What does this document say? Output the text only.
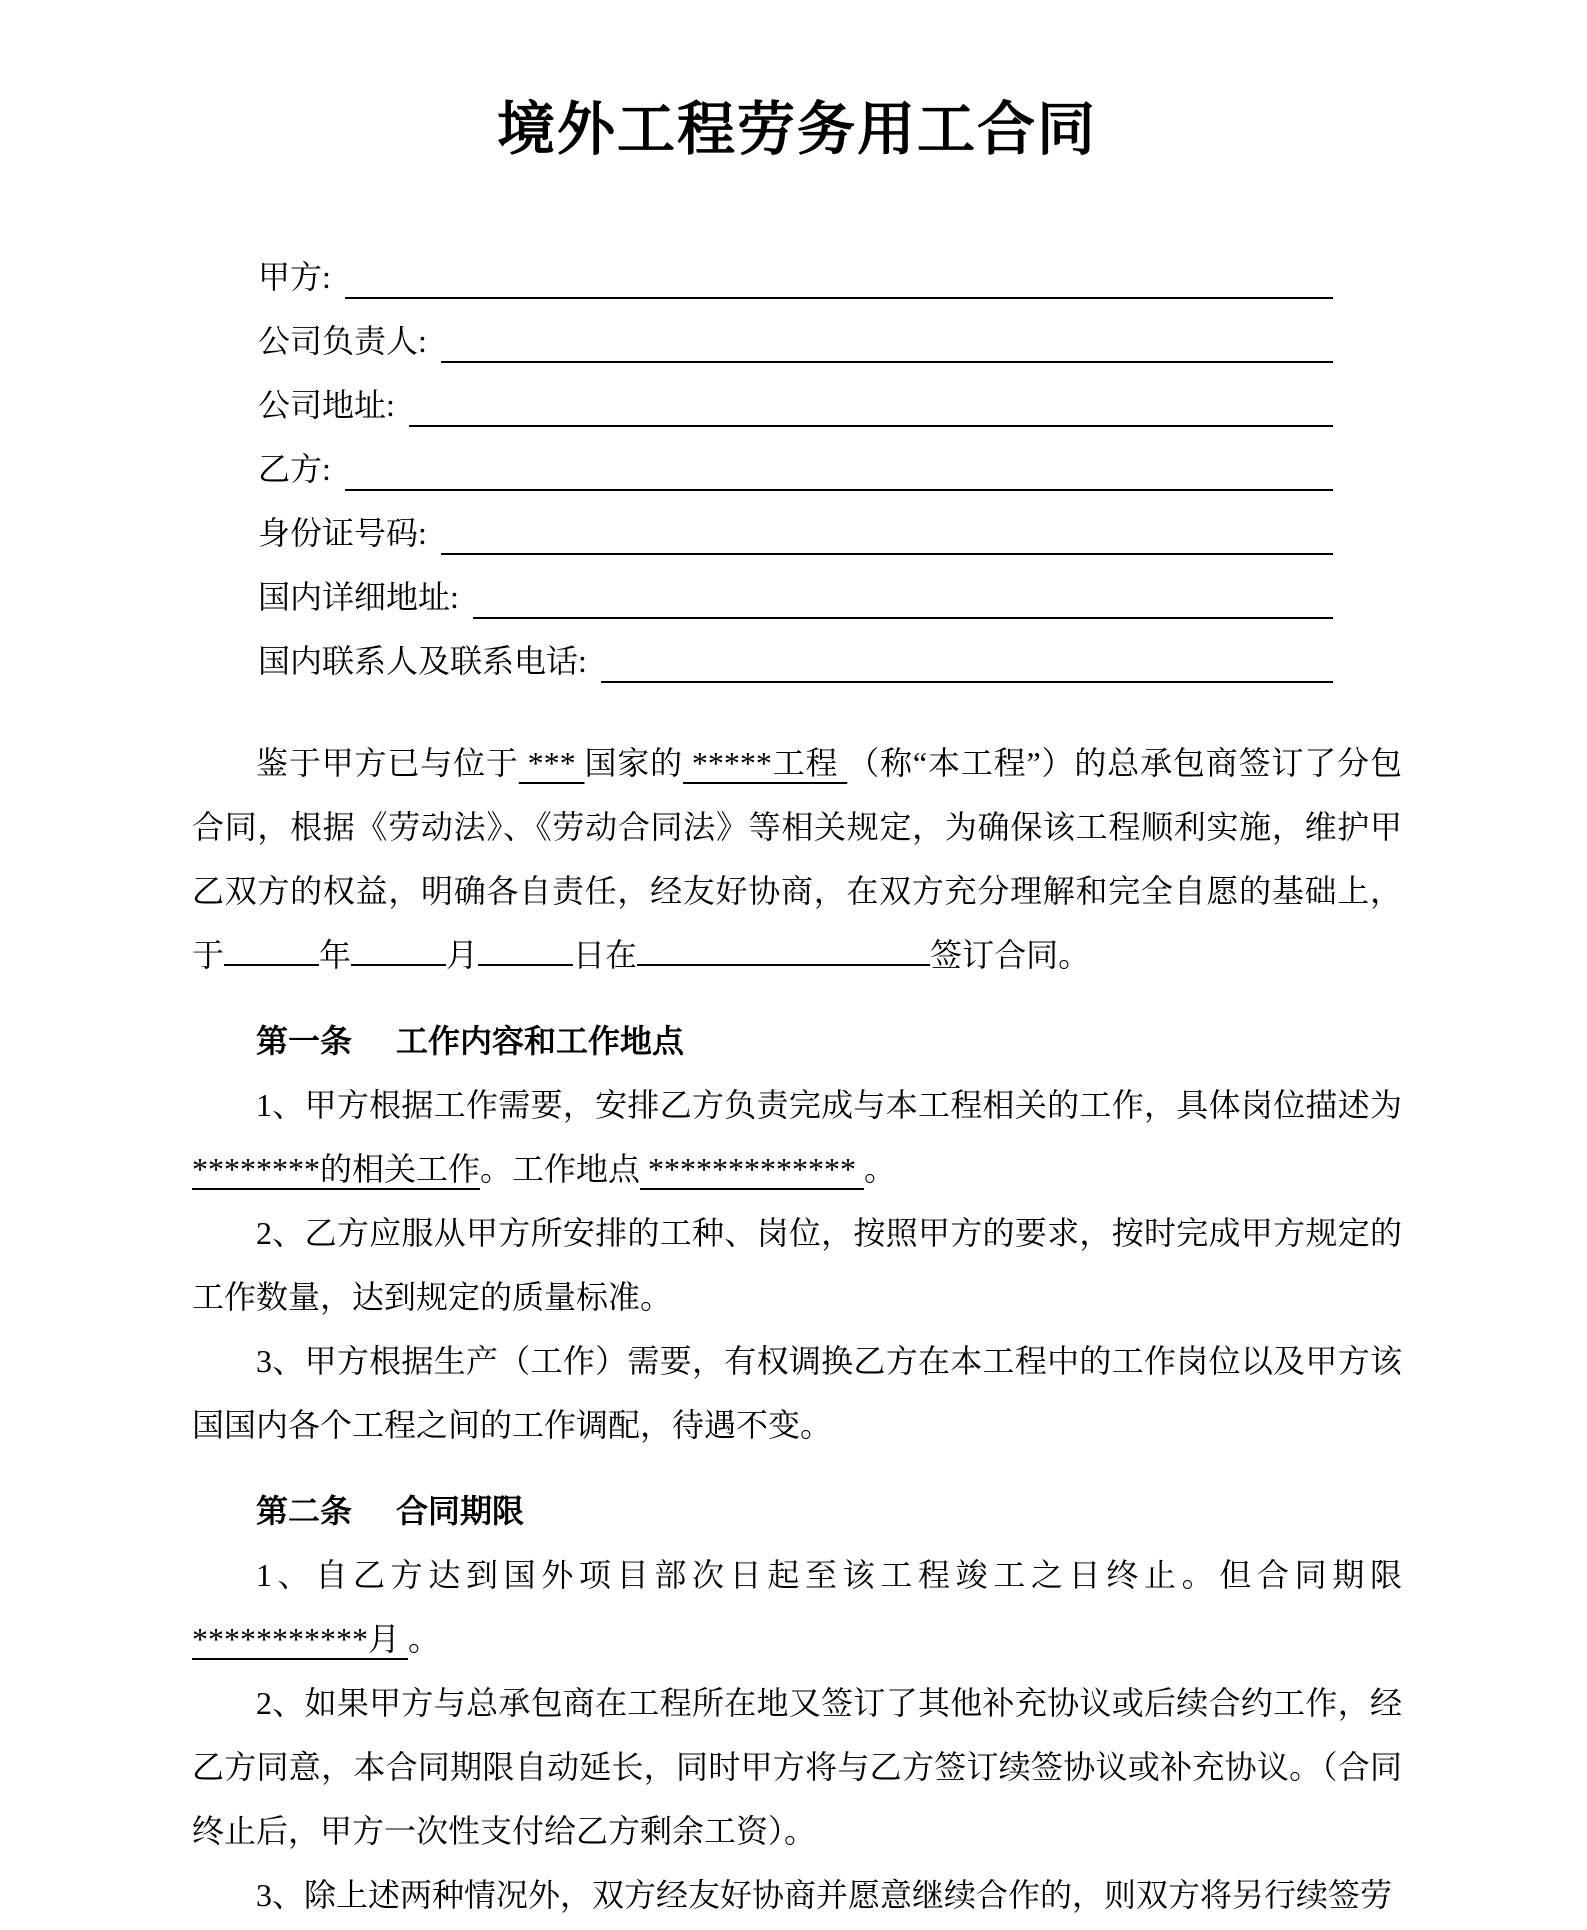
境外工程劳务用工合同
甲方:
公司负责人:
公司地址:
乙方:
身份证号码:
国内详细地址:
国内联系人及联系电话:

鉴于甲方已与位于 *** 国家的 *****工程 （称“本工程”）的总承包商签订了分包合同，根据《劳动法》、《劳动合同法》等相关规定，为确保该工程顺利实施，维护甲乙双方的权益，明确各自责任，经友好协商，在双方充分理解和完全自愿的基础上，于	年	月	日在	签订合同。

第一条 工作内容和工作地点

1、甲方根据工作需要，安排乙方负责完成与本工程相关的工作，具体岗位描述为********的相关工作。工作地点 ************* 。

2、乙方应服从甲方所安排的工种、岗位，按照甲方的要求，按时完成甲方规定的工作数量，达到规定的质量标准。

3、甲方根据生产（工作）需要，有权调换乙方在本工程中的工作岗位以及甲方该国国内各个工程之间的工作调配，待遇不变。

第二条 合同期限

1、自乙方达到国外项目部次日起至该工程竣工之日终止。但合同期限***********月 。

2、如果甲方与总承包商在工程所在地又签订了其他补充协议或后续合约工作，经乙方同意，本合同期限自动延长，同时甲方将与乙方签订续签协议或补充协议。（合同终止后，甲方一次性支付给乙方剩余工资）。

3、除上述两种情况外，双方经友好协商并愿意继续合作的，则双方将另行续签劳
